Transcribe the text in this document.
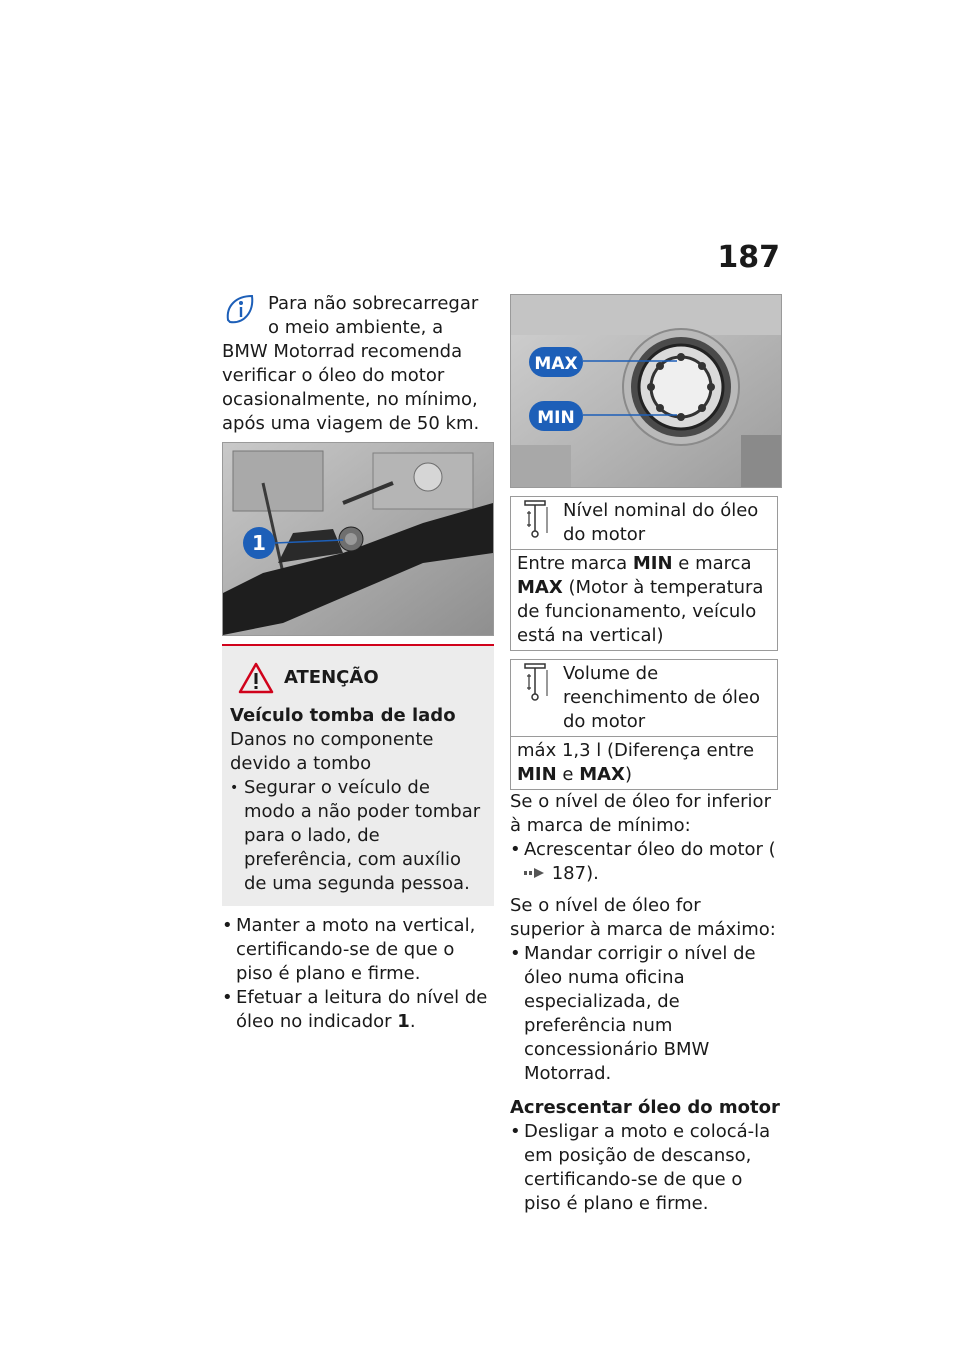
187
Para não sobrecarregar
o meio ambiente, a
BMW Motorrad recomenda
verificar o óleo do motor
ocasionalmente, no mínimo,
após uma viagem de 50 km.
1
ATENÇÃO
Veículo tomba de lado
Danos no componente devido a tombo
• Segurar o veículo de modo a não poder tombar para o lado, de preferência, com auxílio de uma segunda pessoa.
• Manter a moto na vertical, certificando-se de que o piso é plano e firme.
• Efetuar a leitura do nível de óleo no indicador 1.
MAX
MIN
Nível nominal do óleo do motor
Entre marca MIN e marca MAX (Motor à temperatura de funcionamento, veículo está na vertical)
Volume de reenchimento de óleo do motor
máx 1,3 l (Diferença entre MIN e MAX)
Se o nível de óleo for inferior à marca de mínimo:
• Acrescentar óleo do motor ( 187).
Se o nível de óleo for superior à marca de máximo:
• Mandar corrigir o nível de óleo numa oficina especializada, de preferência num concessionário BMW Motorrad.
Acrescentar óleo do motor
• Desligar a moto e colocá-la em posição de descanso, certificando-se de que o piso é plano e firme.
